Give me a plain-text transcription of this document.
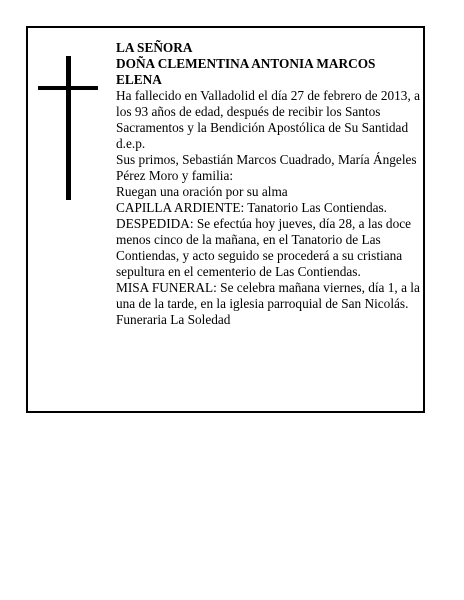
LA SEÑORA

DOÑA CLEMENTINA ANTONIA MARCOS ELENA

Ha fallecido en Valladolid el día 27 de febrero de 2013, a los 93 años de edad, después de recibir los Santos Sacramentos y la Bendición Apostólica de Su Santidad

d.e.p.

Sus primos, Sebastián Marcos Cuadrado, María Ángeles Pérez Moro y familia:

Ruegan una oración por su alma

CAPILLA ARDIENTE: Tanatorio Las Contiendas.

DESPEDIDA: Se efectúa hoy jueves, día 28, a las doce menos cinco de la mañana, en el Tanatorio de Las Contiendas, y acto seguido se procederá a su cristiana sepultura en el cementerio de Las Contiendas.

MISA FUNERAL: Se celebra mañana viernes, día 1, a la una de la tarde, en la iglesia parroquial de San Nicolás.

Funeraria La Soledad
